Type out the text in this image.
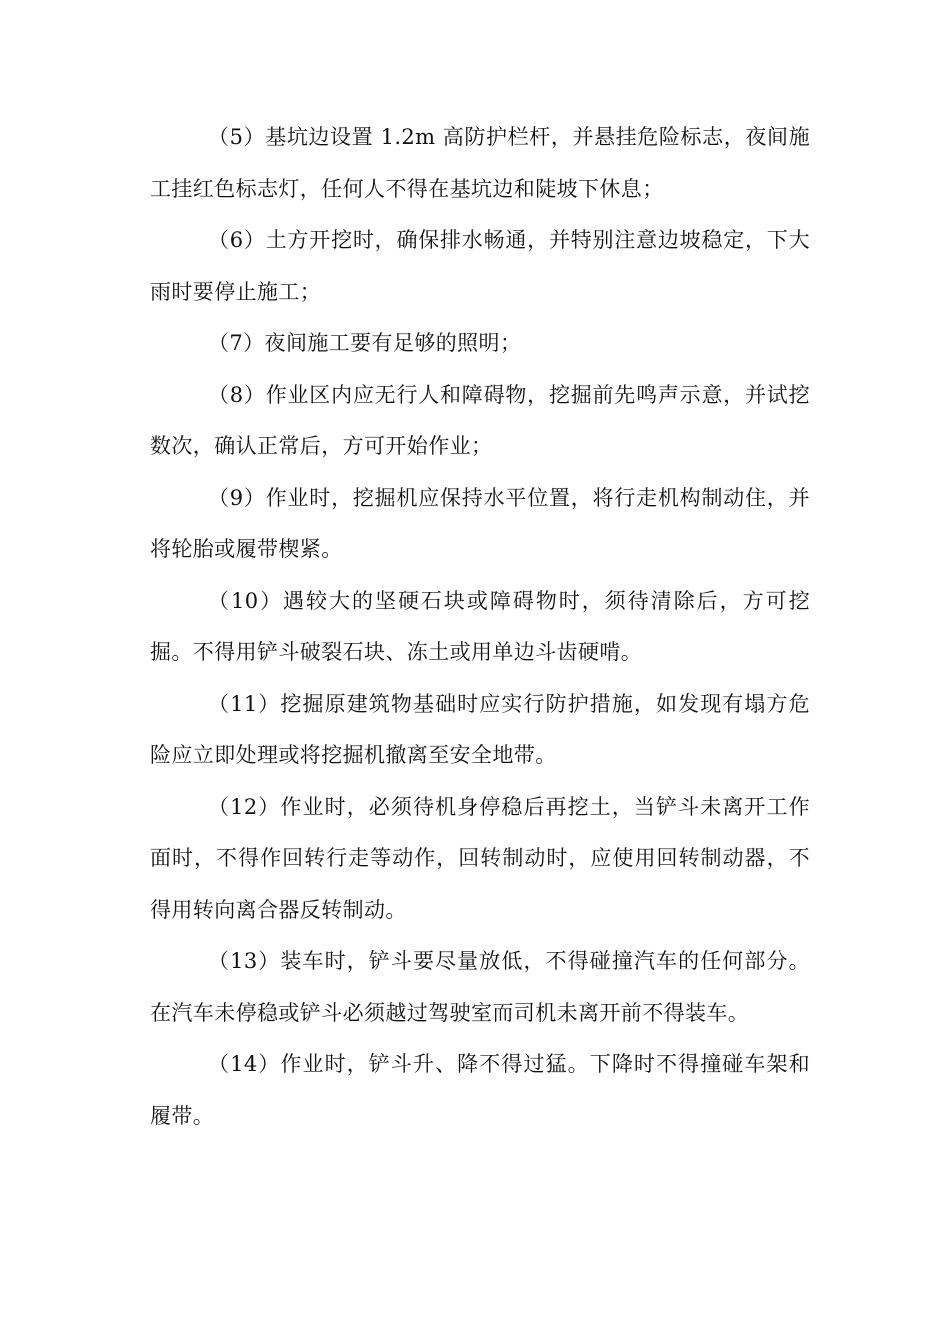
（5）基坑边设置 1.2m 高防护栏杆，并悬挂危险标志，夜间施工挂红色标志灯，任何人不得在基坑边和陡坡下休息；

（6）土方开挖时，确保排水畅通，并特别注意边坡稳定，下大雨时要停止施工；

（7）夜间施工要有足够的照明；

（8）作业区内应无行人和障碍物，挖掘前先鸣声示意，并试挖数次，确认正常后，方可开始作业；

（9）作业时，挖掘机应保持水平位置，将行走机构制动住，并将轮胎或履带楔紧。

（10）遇较大的坚硬石块或障碍物时，须待清除后，方可挖掘。不得用铲斗破裂石块、冻土或用单边斗齿硬啃。

（11）挖掘原建筑物基础时应实行防护措施，如发现有塌方危险应立即处理或将挖掘机撤离至安全地带。

（12）作业时，必须待机身停稳后再挖土，当铲斗未离开工作面时，不得作回转行走等动作，回转制动时，应使用回转制动器，不得用转向离合器反转制动。

（13）装车时，铲斗要尽量放低，不得碰撞汽车的任何部分。在汽车未停稳或铲斗必须越过驾驶室而司机未离开前不得装车。

（14）作业时，铲斗升、降不得过猛。下降时不得撞碰车架和履带。
